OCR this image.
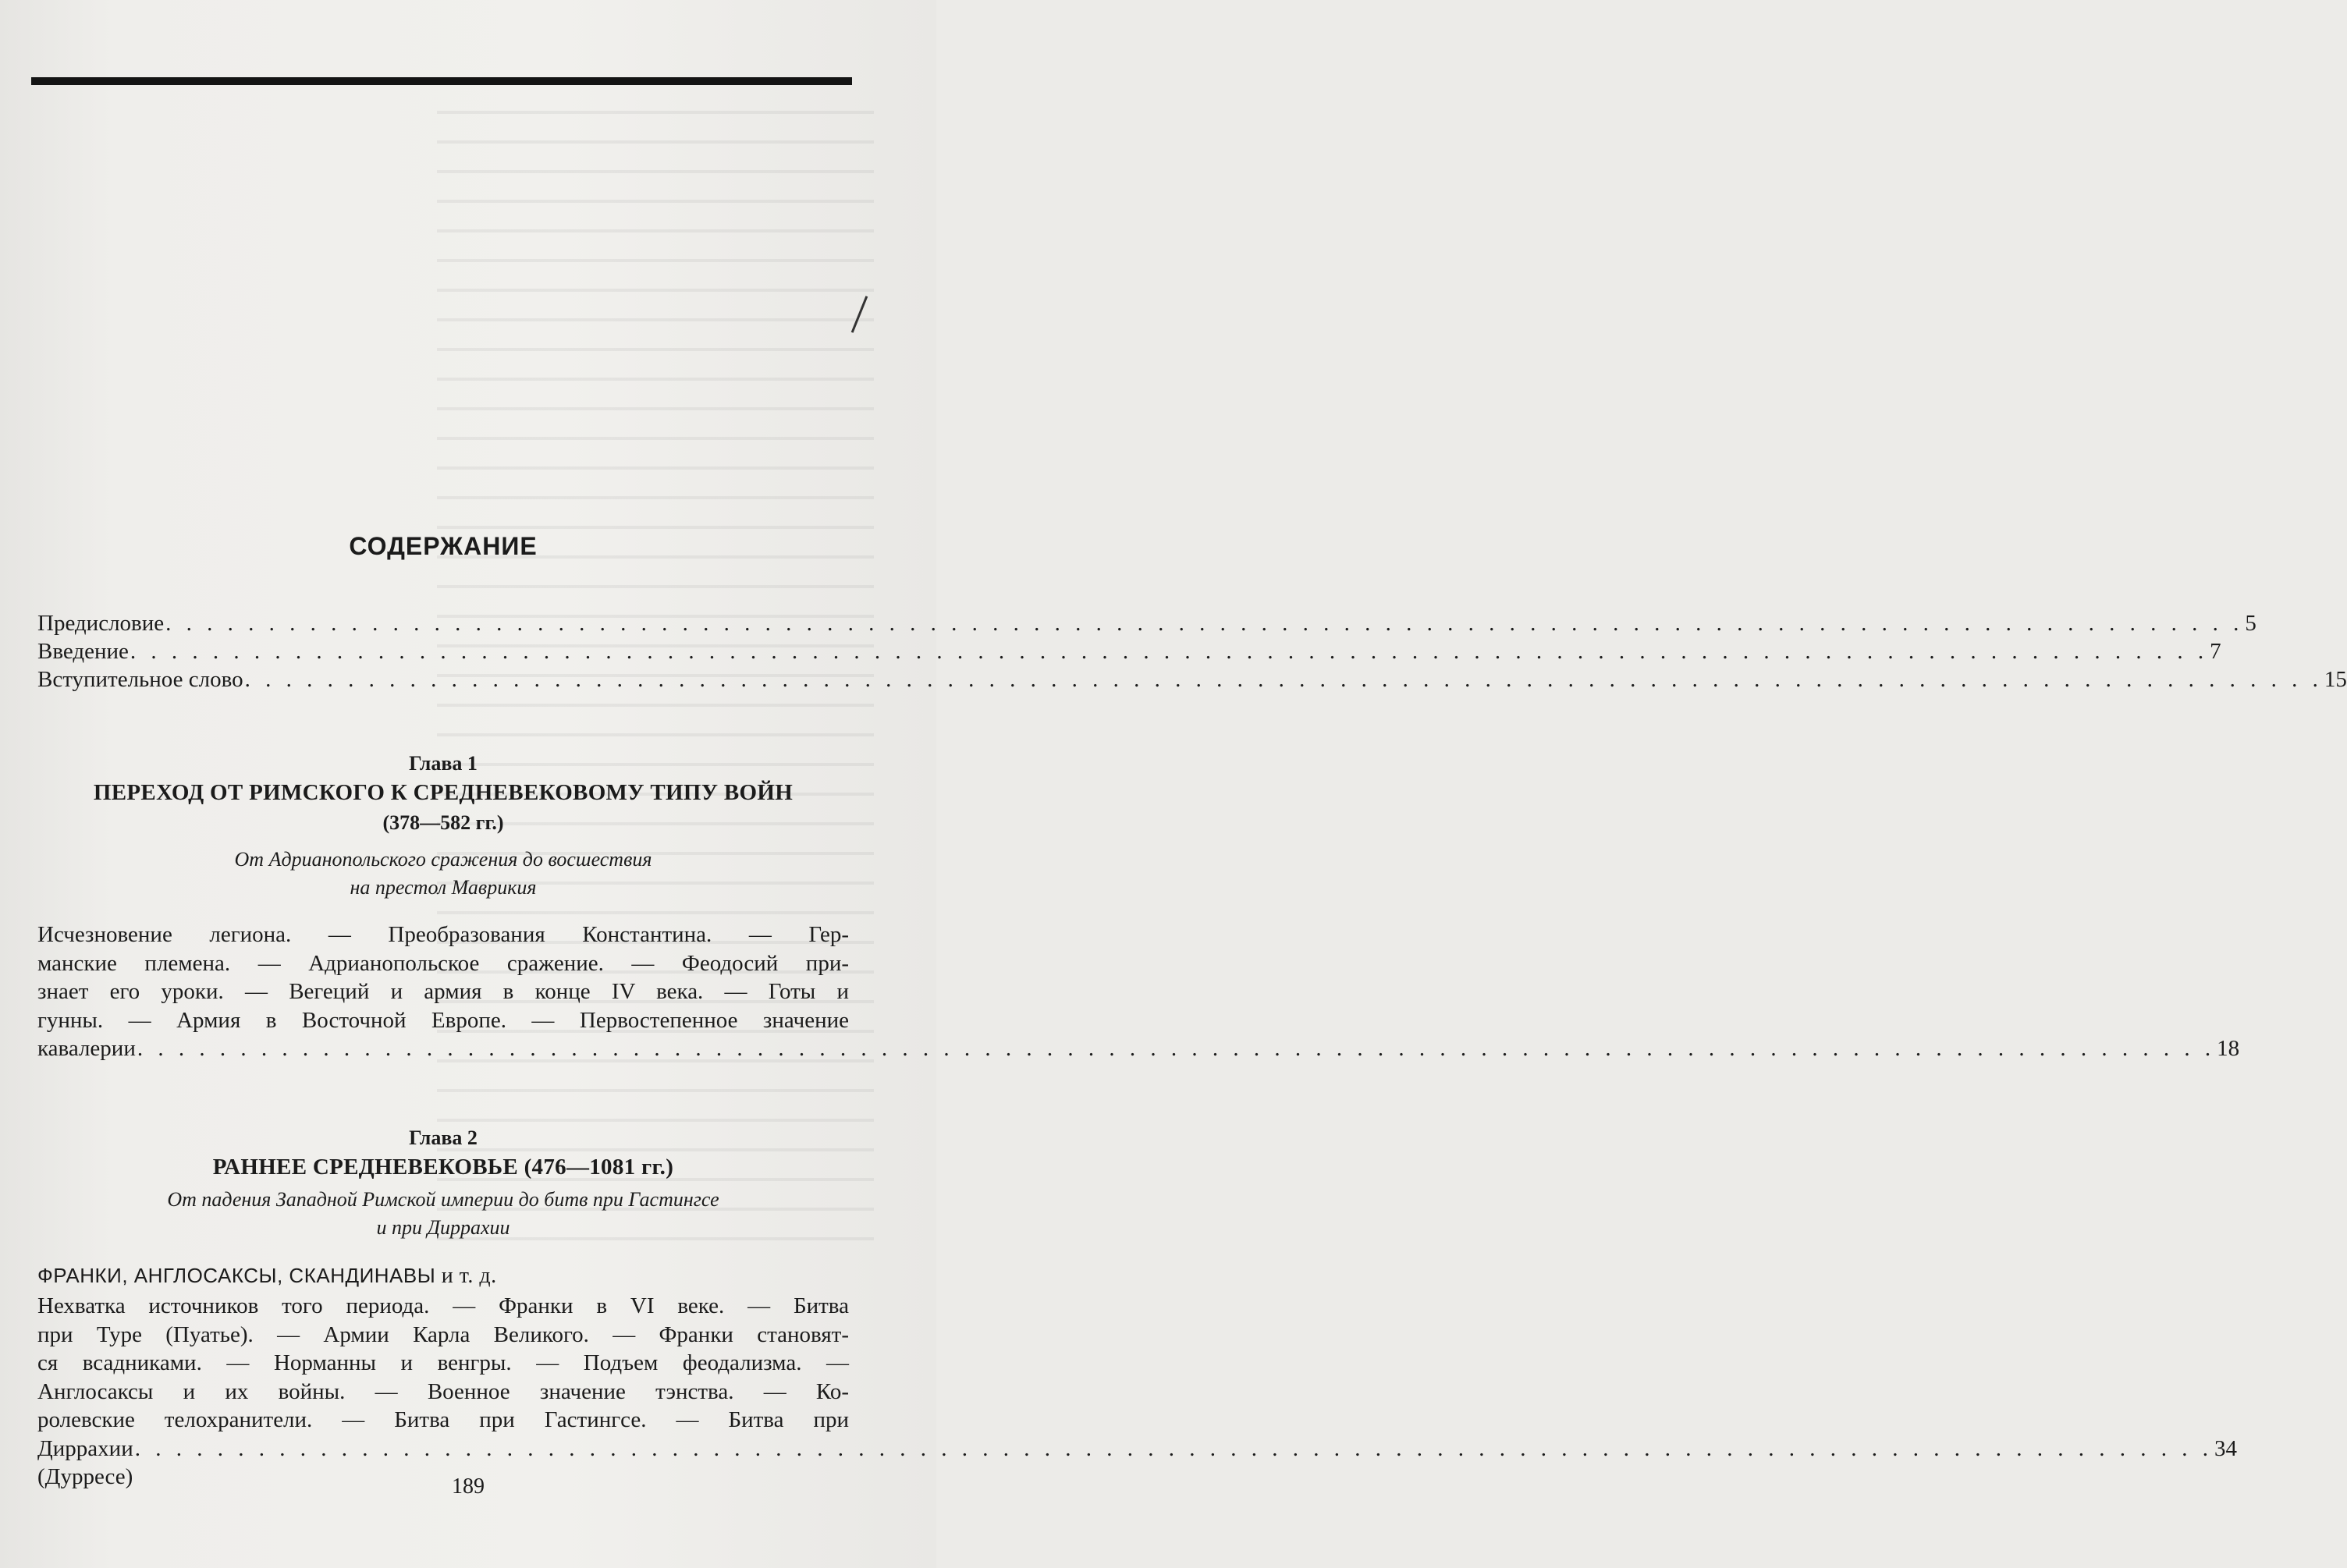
СОДЕРЖАНИЕ
Предисловие . . . . . . . . . . . . . . . . . . . . . . . . . . . . . . . . . . . . . . . . . . . . . . . . . . . . . . . . . . . . . . . . . . . . . . . . . . . . . . . . . . . . . . . . . . . . . . . . . . . . . 5
Введение . . . . . . . . . . . . . . . . . . . . . . . . . . . . . . . . . . . . . . . . . . . . . . . . . . . . . . . . . . . . . . . . . . . . . . . . . . . . . . . . . . . . . . . . . . . . . . . . . . . . . 7
Вступительное слово . . . . . . . . . . . . . . . . . . . . . . . . . . . . . . . . . . . . . . . . . . . . . . . . . . . . . . . . . . . . . . . . . . . . . . . . . . . . . . . . . . . . . . . . . . . . . . . . . . . . . 15
Глава 1
ПЕРЕХОД ОТ РИМСКОГО К СРЕДНЕВЕКОВОМУ ТИПУ ВОЙН
(378—582 гг.)
От Адрианопольского сражения до восшествия
на престол Маврикия
Исчезновение легиона. — Преобразования Константина. — Гер-
манские племена. — Адрианопольское сражение. — Феодосий при-
знает его уроки. — Вегеций и армия в конце IV века. — Готы и
гунны. — Армия в Восточной Европе. — Первостепенное значение
кавалерии . . . . . . . . . . . . . . . . . . . . . . . . . . . . . . . . . . . . . . . . . . . . . . . . . . . . . . . . . . . . . . . . . . . . . . . . . . . . . . . . . . . . . . . . . . . . . . . . . . . . . 18
Глава 2
РАННЕЕ СРЕДНЕВЕКОВЬЕ (476—1081 гг.)
От падения Западной Римской империи до битв при Гастингсе
и при Диррахии
ФРАНКИ, АНГЛОСАКСЫ, СКАНДИНАВЫ и т. д.
Нехватка источников того периода. — Франки в VI веке. — Битва
при Туре (Пуатье). — Армии Карла Великого. — Франки становят-
ся всадниками. — Норманны и венгры. — Подъем феодализма. —
Англосаксы и их войны. — Военное значение тэнства. — Ко-
ролевские телохранители. — Битва при Гастингсе. — Битва при
Диррахии (Дурресе)
. . . . . . . . . . . . . . . . . . . . . . . . . . . . . . . . . . . . . . . . . . . . . . . . . . . . . . . . . . . . . . . . . . . . . . . . . . . . . . . . . . . . . . . . . . . . . . . . . . . . . 34
189
